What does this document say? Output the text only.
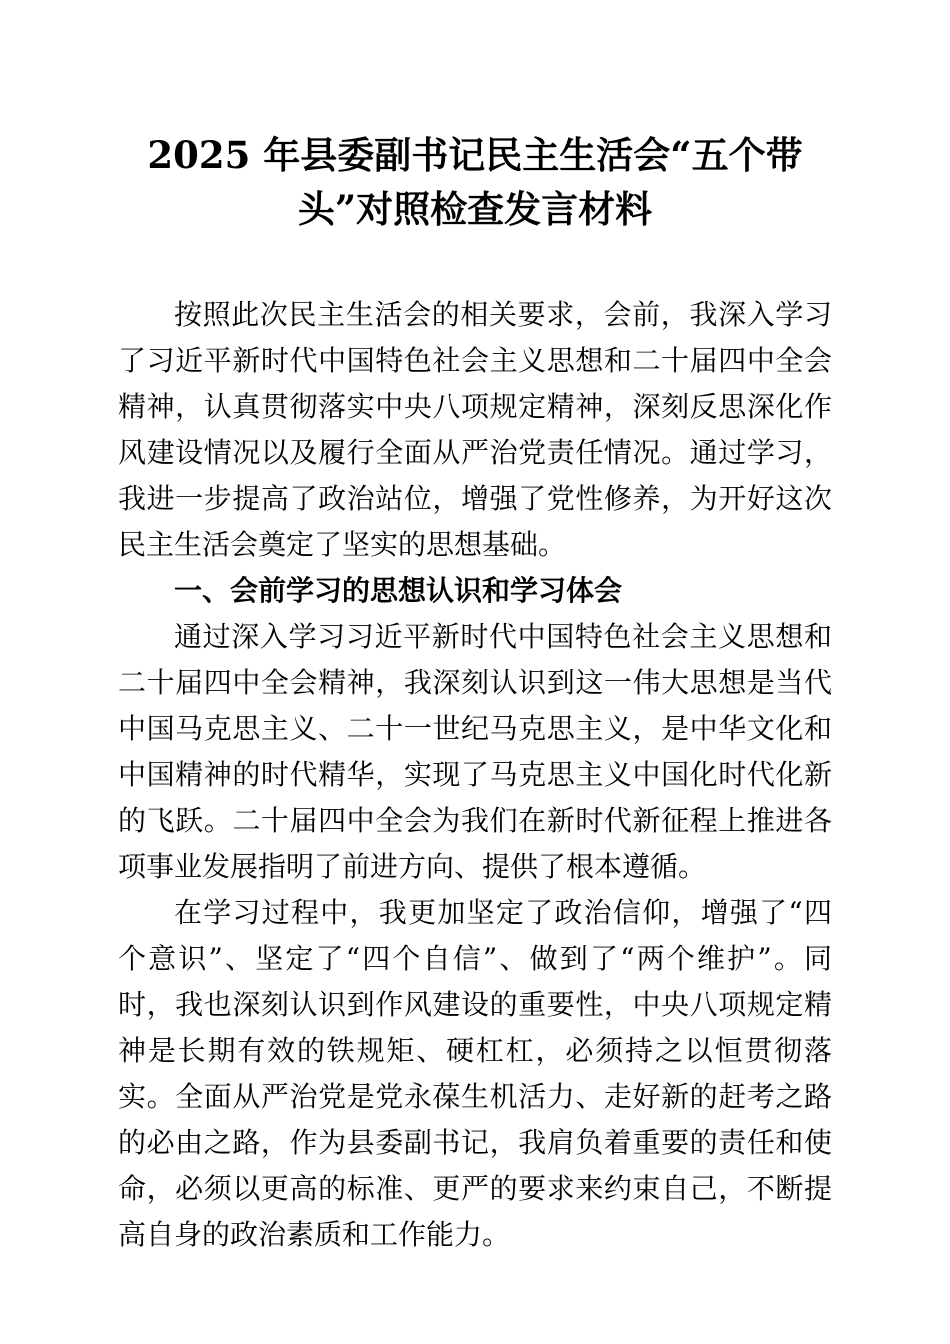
2025 年县委副书记民主生活会“五个带头”对照检查发言材料

按照此次民主生活会的相关要求，会前，我深入学习了习近平新时代中国特色社会主义思想和二十届四中全会精神，认真贯彻落实中央八项规定精神，深刻反思深化作风建设情况以及履行全面从严治党责任情况。通过学习，我进一步提高了政治站位，增强了党性修养，为开好这次民主生活会奠定了坚实的思想基础。

一、会前学习的思想认识和学习体会

通过深入学习习近平新时代中国特色社会主义思想和二十届四中全会精神，我深刻认识到这一伟大思想是当代中国马克思主义、二十一世纪马克思主义，是中华文化和中国精神的时代精华，实现了马克思主义中国化时代化新的飞跃。二十届四中全会为我们在新时代新征程上推进各项事业发展指明了前进方向、提供了根本遵循。

在学习过程中，我更加坚定了政治信仰，增强了“四个意识”、坚定了“四个自信”、做到了“两个维护”。同时，我也深刻认识到作风建设的重要性，中央八项规定精神是长期有效的铁规矩、硬杠杠，必须持之以恒贯彻落实。全面从严治党是党永葆生机活力、走好新的赶考之路的必由之路，作为县委副书记，我肩负着重要的责任和使命，必须以更高的标准、更严的要求来约束自己，不断提高自身的政治素质和工作能力。
